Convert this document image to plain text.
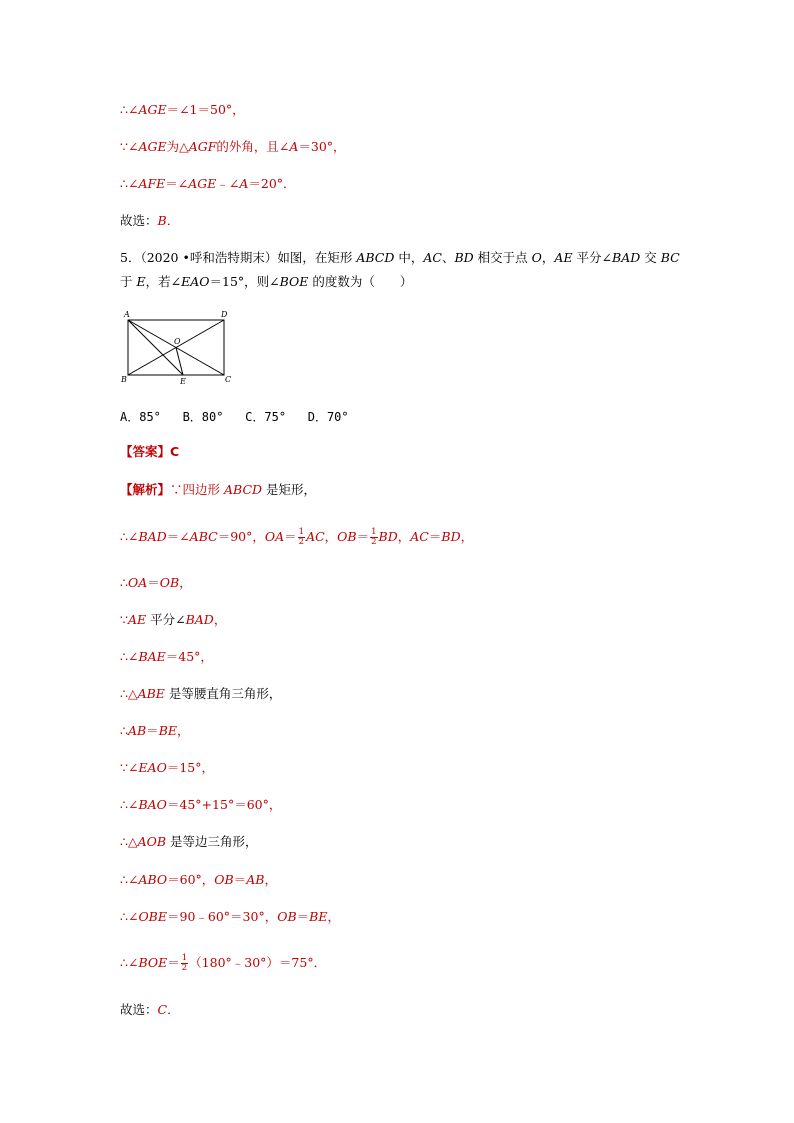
∴∠AGE＝∠1＝50°，
∵∠AGE为△AGF的外角，且∠A＝30°，
∴∠AFE＝∠AGE﹣∠A＝20°．
故选：B．
5．（2020 •呼和浩特期末）如图，在矩形 ABCD 中，AC、BD 相交于点 O，AE 平分∠BAD 交 BC
于 E，若∠EAO＝15°，则∠BOE 的度数为（　　）
A	D
B	C
O
E
A．85°   B．80°   C．75°   D．70°
【答案】C
【解析】∵四边形 ABCD 是矩形，
∴∠BAD＝∠ABC＝90°，$OA= \frac{1}{2}$ AC，$OB= \frac{1}{2}$ BD，AC＝BD，
∴OA＝OB，
∵AE 平分∠BAD，
∴∠BAE＝45°，
∴△ABE 是等腰直角三角形，
∴AB＝BE，
∵∠EAO＝15°，
∴∠BAO＝45°+15°＝60°，
∴△AOB 是等边三角形，
∴∠ABO＝60°，OB＝AB，
∴∠OBE＝90﹣60°＝30°，OB＝BE，
∴∠BOE＝ $\frac{1}{2}$ （180°﹣30°）＝75°．
故选：C．
